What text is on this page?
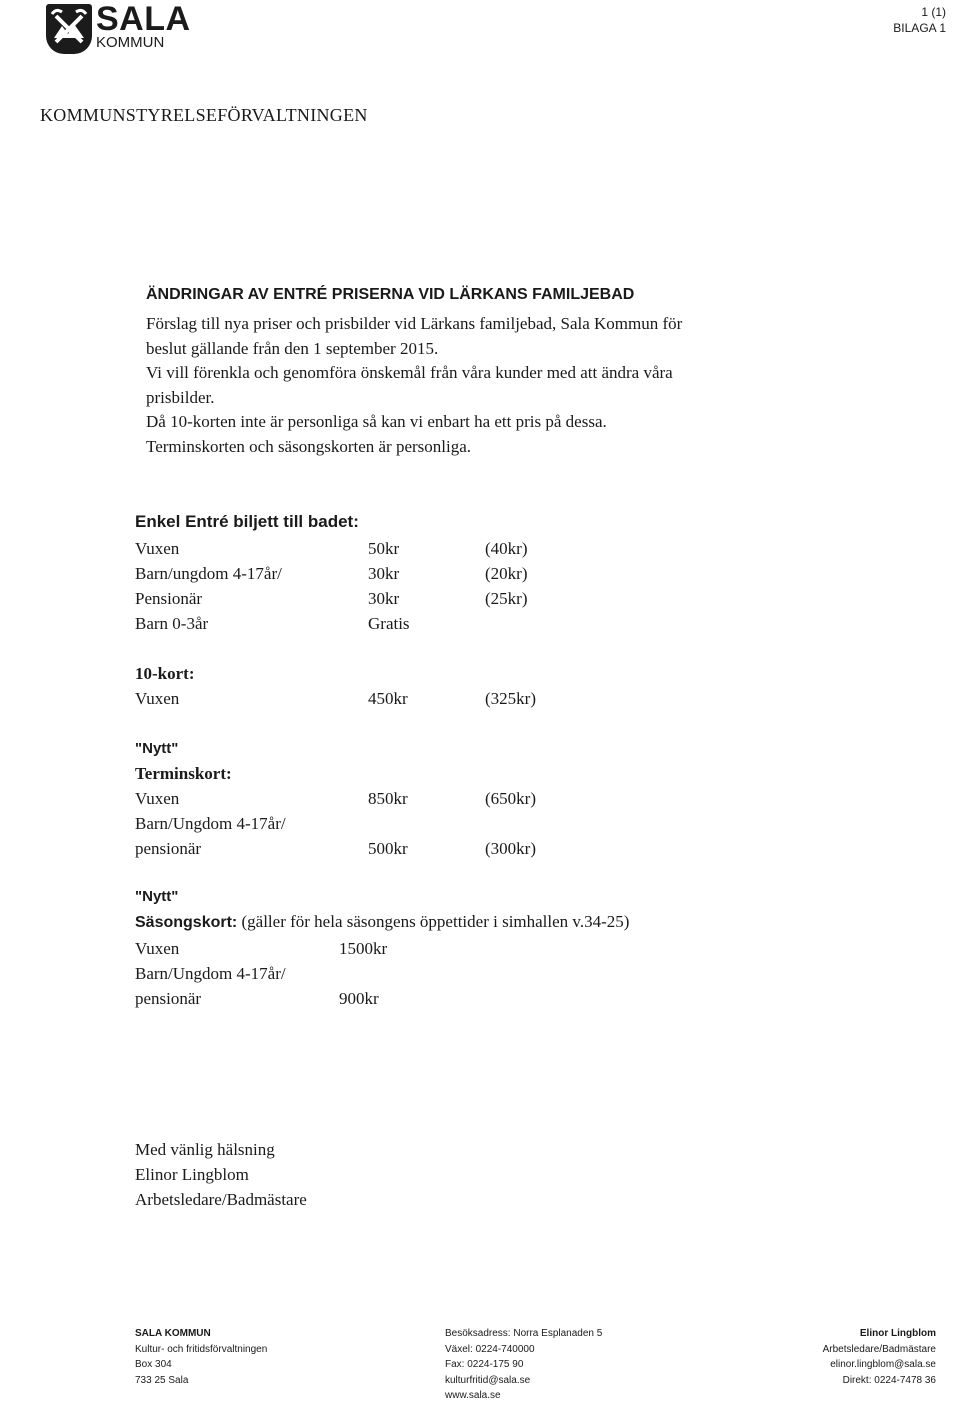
SALA
KOMMUN
1 (1)
BILAGA 1
KOMMUNSTYRELSEFÖRVALTNINGEN
ÄNDRINGAR AV ENTRÉ PRISERNA VID LÄRKANS FAMILJEBAD
Förslag till nya priser och prisbilder vid Lärkans familjebad, Sala Kommun för
beslut gällande från den 1 september 2015.
Vi vill förenkla och genomföra önskemål från våra kunder med att ändra våra
prisbilder.
Då 10-korten inte är personliga så kan vi enbart ha ett pris på dessa.
Terminskorten och säsongskorten är personliga.
Enkel Entré biljett till badet:
Vuxen	50kr	(40kr)
Barn/ungdom 4-17år/	30kr	(20kr)
Pensionär	30kr	(25kr)
Barn 0-3år	Gratis
10-kort:
Vuxen	450kr	(325kr)
"Nytt"
Terminskort:
Vuxen	850kr	(650kr)
Barn/Ungdom 4-17år/
pensionär	500kr	(300kr)
"Nytt"
Säsongskort: (gäller för hela säsongens öppettider i simhallen v.34-25)
Vuxen	1500kr
Barn/Ungdom 4-17år/
pensionär	900kr
Med vänlig hälsning
Elinor Lingblom
Arbetsledare/Badmästare
SALA KOMMUN
Kultur- och fritidsförvaltningen
Box 304
733 25 Sala
Besöksadress: Norra Esplanaden 5
Växel: 0224-740000
Fax: 0224-175 90
kulturfritid@sala.se
www.sala.se
Elinor Lingblom
Arbetsledare/Badmästare
elinor.lingblom@sala.se
Direkt: 0224-7478 36
